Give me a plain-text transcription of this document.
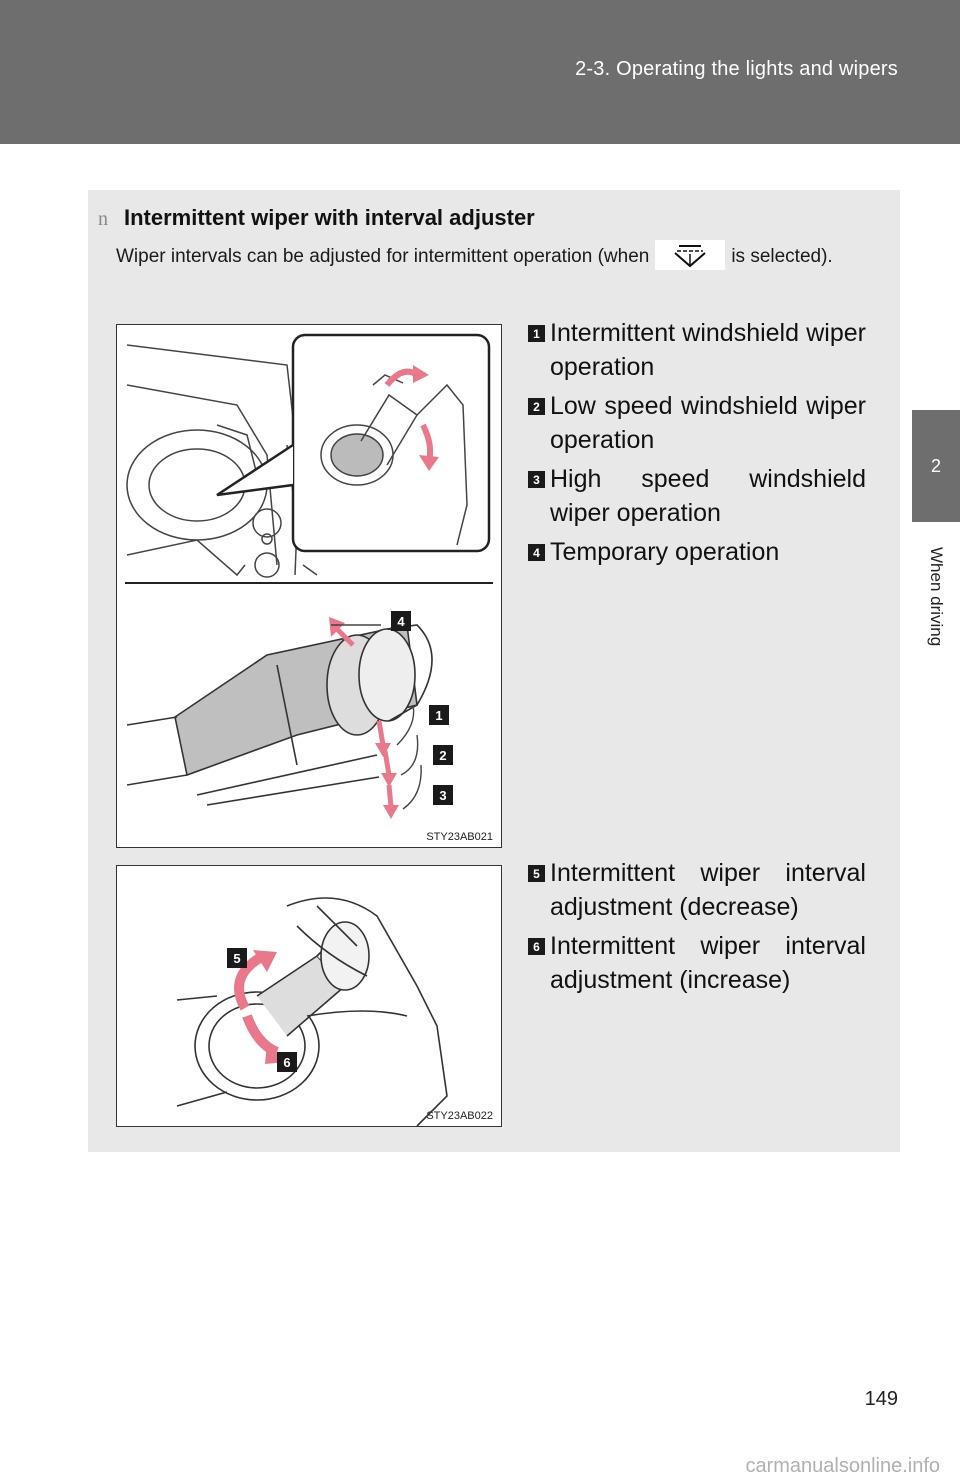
2-3. Operating the lights and wipers
2
When driving
n Intermittent wiper with interval adjuster
Wiper intervals can be adjusted for intermittent operation (when	is selected).
4
1
2
3
STY23AB021
1 Intermittent windshield wiper operation
2 Low speed windshield wiper operation
3 High speed windshield wiper operation
4 Temporary operation
5
6
STY23AB022
5 Intermittent wiper interval adjustment (decrease)
6 Intermittent wiper interval adjustment (increase)
149
carmanualsonline.info
